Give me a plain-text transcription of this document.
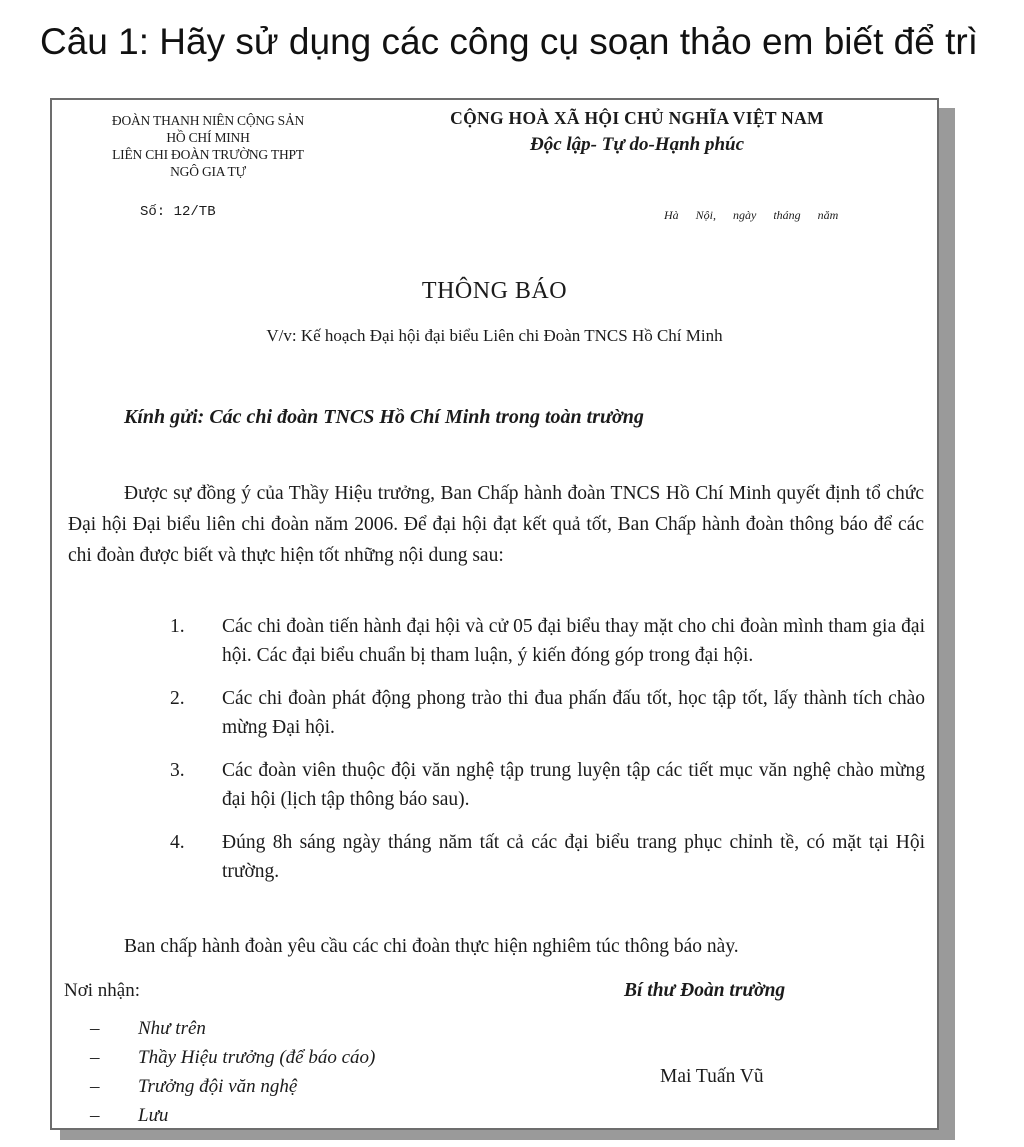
Câu 1: Hãy sử dụng các công cụ soạn thảo em biết để trì
ĐOÀN THANH NIÊN CỘNG SẢN
HỒ CHÍ MINH
LIÊN CHI ĐOÀN TRƯỜNG THPT
NGÔ GIA TỰ
Số: 12/TB
CỘNG HOÀ XÃ HỘI CHỦ NGHĨA VIỆT NAM
Độc lập- Tự do-Hạnh phúc
Hà Nội, ngày tháng năm
THÔNG BÁO
V/v: Kế hoạch Đại hội đại biểu Liên chi Đoàn TNCS Hồ Chí Minh
Kính gửi: Các chi đoàn TNCS Hồ Chí Minh trong toàn trường
Được sự đồng ý của Thầy Hiệu trưởng, Ban Chấp hành đoàn TNCS Hồ Chí Minh quyết định tổ chức Đại hội Đại biểu liên chi đoàn năm 2006. Để đại hội đạt kết quả tốt, Ban Chấp hành đoàn thông báo để các chi đoàn được biết và thực hiện tốt những nội dung sau:
1.	Các chi đoàn tiến hành đại hội và cử 05 đại biểu thay mặt cho chi đoàn mình tham gia đại hội. Các đại biểu chuẩn bị tham luận, ý kiến đóng góp trong đại hội.
2.	Các chi đoàn phát động phong trào thi đua phấn đấu tốt, học tập tốt, lấy thành tích chào mừng Đại hội.
3.	Các đoàn viên thuộc đội văn nghệ tập trung luyện tập các tiết mục văn nghệ chào mừng đại hội (lịch tập thông báo sau).
4.	Đúng 8h sáng ngày tháng năm tất cả các đại biểu trang phục chỉnh tề, có mặt tại Hội trường.
Ban chấp hành đoàn yêu cầu các chi đoàn thực hiện nghiêm túc thông báo này.
Nơi nhận:
–	Như trên
–	Thầy Hiệu trưởng (để báo cáo)
–	Trưởng đội văn nghệ
–	Lưu
Bí thư Đoàn trường
Mai Tuấn Vũ
